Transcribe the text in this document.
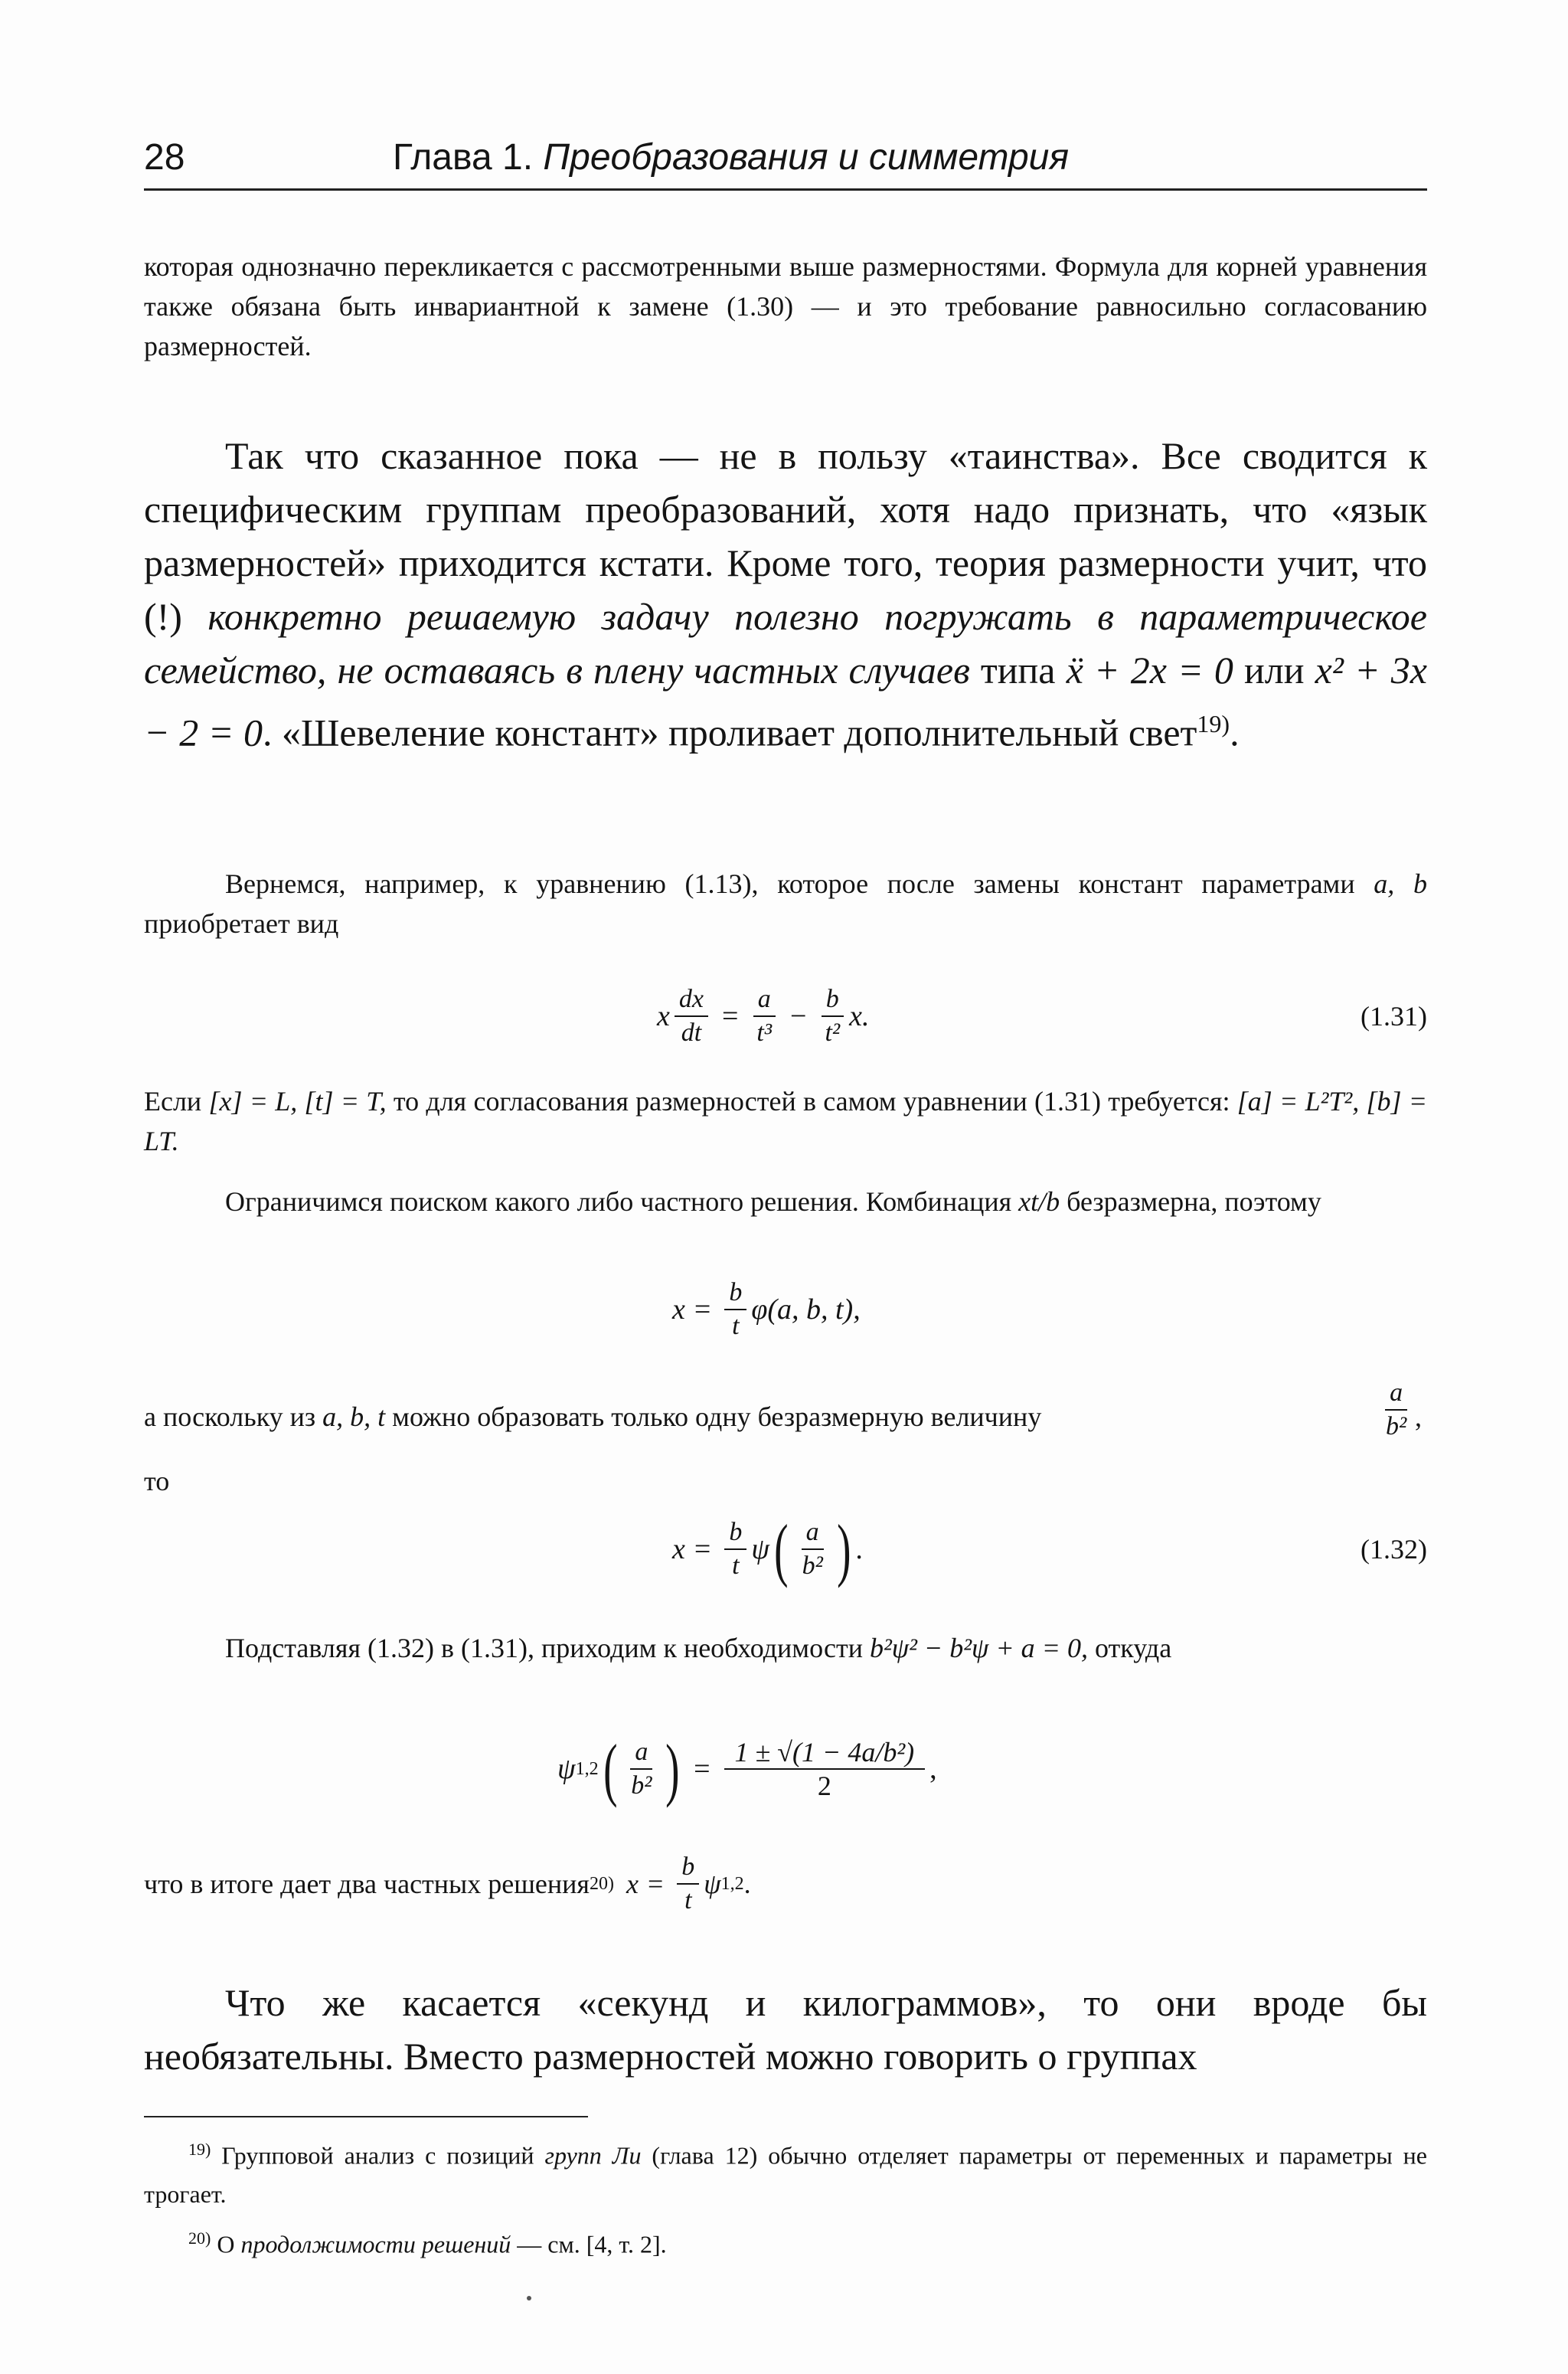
28	Глава 1. Преобразования и симметрия

которая однозначно перекликается с рассмотренными выше размерностями. Формула для корней уравнения также обязана быть инвариантной к замене (1.30) — и это требование равносильно согласованию размерностей.

Так что сказанное пока — не в пользу «таинства». Все сводится к специфическим группам преобразований, хотя надо признать, что «язык размерностей» приходится кстати. Кроме того, теория размерности учит, что (!) конкретно решаемую задачу полезно погружать в параметрическое семейство, не оставаясь в плену частных случаев типа ẍ + 2x = 0 или x² + 3x − 2 = 0. «Шевеление констант» проливает дополнительный свет$^{19)}$.

Вернемся, например, к уравнению (1.13), которое после замены констант параметрами a, b приобретает вид

x $\frac{dx}{dt} = \frac{a}{\text{t³}} - \frac{b}{\text{t²}} x$.	(1.31)

Если [x] = L, [t] = T, то для согласования размерностей в самом уравнении (1.31) требуется: [a] = L²T², [b] = LT.

Ограничимся поиском какого либо частного решения. Комбинация xt/b безразмерна, поэтому

$x = \frac{b}{t} \varphi(a$, b, t),
а поскольку из a, b, t можно образовать только одну безразмерную величину	$\frac{a}{\text{b²}}$ ,

то

$x = \frac{b}{t}$ ψ ( $\frac{a}{\text{b²}}$ ) .	(1.32)

Подставляя (1.32) в (1.31), приходим к необходимости b²ψ² − b²ψ + a = 0, откуда

ψ 1,2 ( $\frac{a}{\text{b²}}$ ) = $\frac{\text{1 ± √(1 − 4a/b²)}}{2}$ ,
что в итоге дает два частных решения 20) $x = \frac{b}{t}$ ψ 1,2 .

Что же касается «секунд и килограммов», то они вроде бы необязательны. Вместо размерностей можно говорить о группах

$^{19)}$ Групповой анализ с позиций групп Ли (глава 12) обычно отделяет параметры от переменных и параметры не трогает.

$^{20)}$ О продолжимости решений — см. [4, т. 2].
